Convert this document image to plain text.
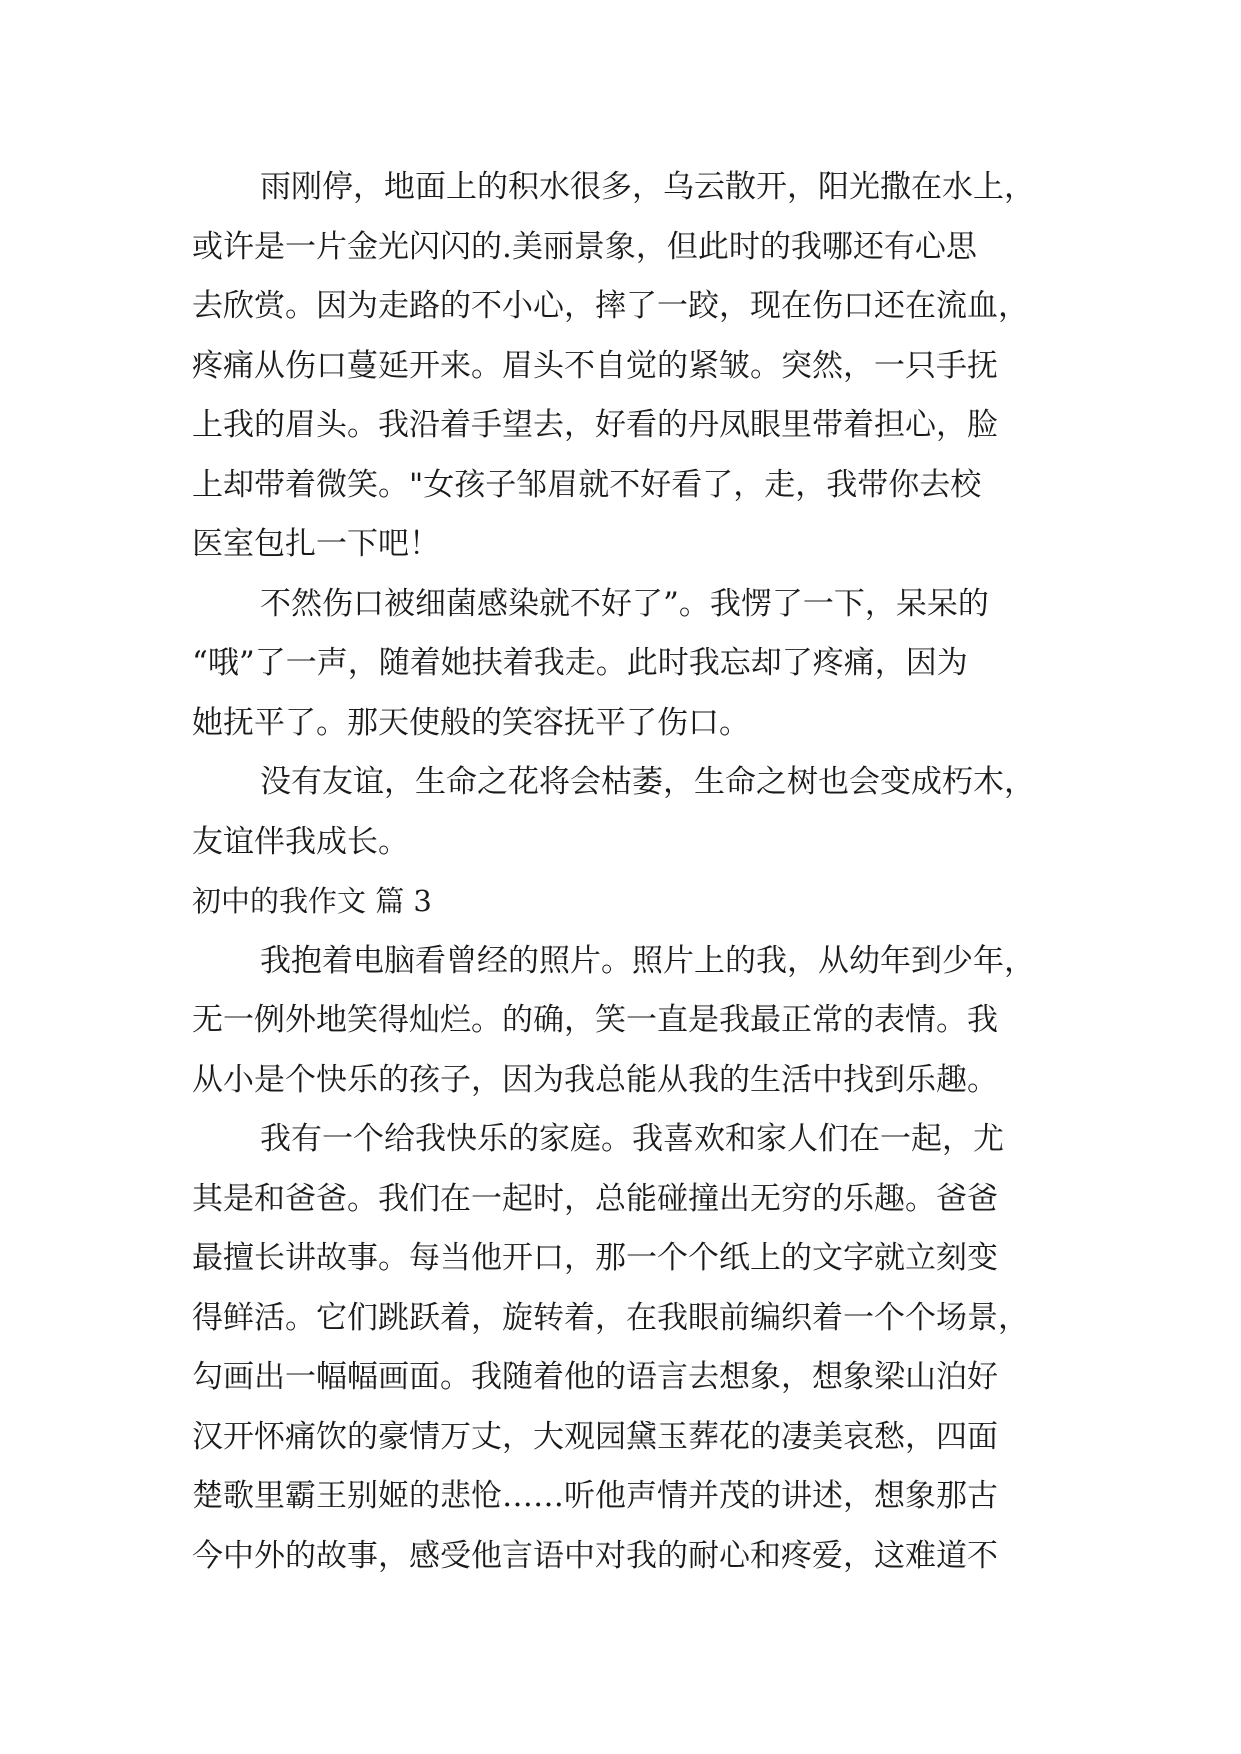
雨刚停，地面上的积水很多，乌云散开，阳光撒在水上，
或许是一片金光闪闪的.美丽景象，但此时的我哪还有心思
去欣赏。因为走路的不小心，摔了一跤，现在伤口还在流血，
疼痛从伤口蔓延开来。眉头不自觉的紧皱。突然，一只手抚
上我的眉头。我沿着手望去，好看的丹凤眼里带着担心，脸
上却带着微笑。"女孩子邹眉就不好看了，走，我带你去校
医室包扎一下吧！
不然伤口被细菌感染就不好了”。我愣了一下，呆呆的
“哦”了一声，随着她扶着我走。此时我忘却了疼痛，因为
她抚平了。那天使般的笑容抚平了伤口。
没有友谊，生命之花将会枯萎，生命之树也会变成朽木，
友谊伴我成长。
初中的我作文 篇 3
我抱着电脑看曾经的照片。照片上的我，从幼年到少年，
无一例外地笑得灿烂。的确，笑一直是我最正常的表情。我
从小是个快乐的孩子，因为我总能从我的生活中找到乐趣。
我有一个给我快乐的家庭。我喜欢和家人们在一起，尤
其是和爸爸。我们在一起时，总能碰撞出无穷的乐趣。爸爸
最擅长讲故事。每当他开口，那一个个纸上的文字就立刻变
得鲜活。它们跳跃着，旋转着，在我眼前编织着一个个场景，
勾画出一幅幅画面。我随着他的语言去想象，想象梁山泊好
汉开怀痛饮的豪情万丈，大观园黛玉葬花的凄美哀愁，四面
楚歌里霸王别姬的悲怆……听他声情并茂的讲述，想象那古
今中外的故事，感受他言语中对我的耐心和疼爱，这难道不
